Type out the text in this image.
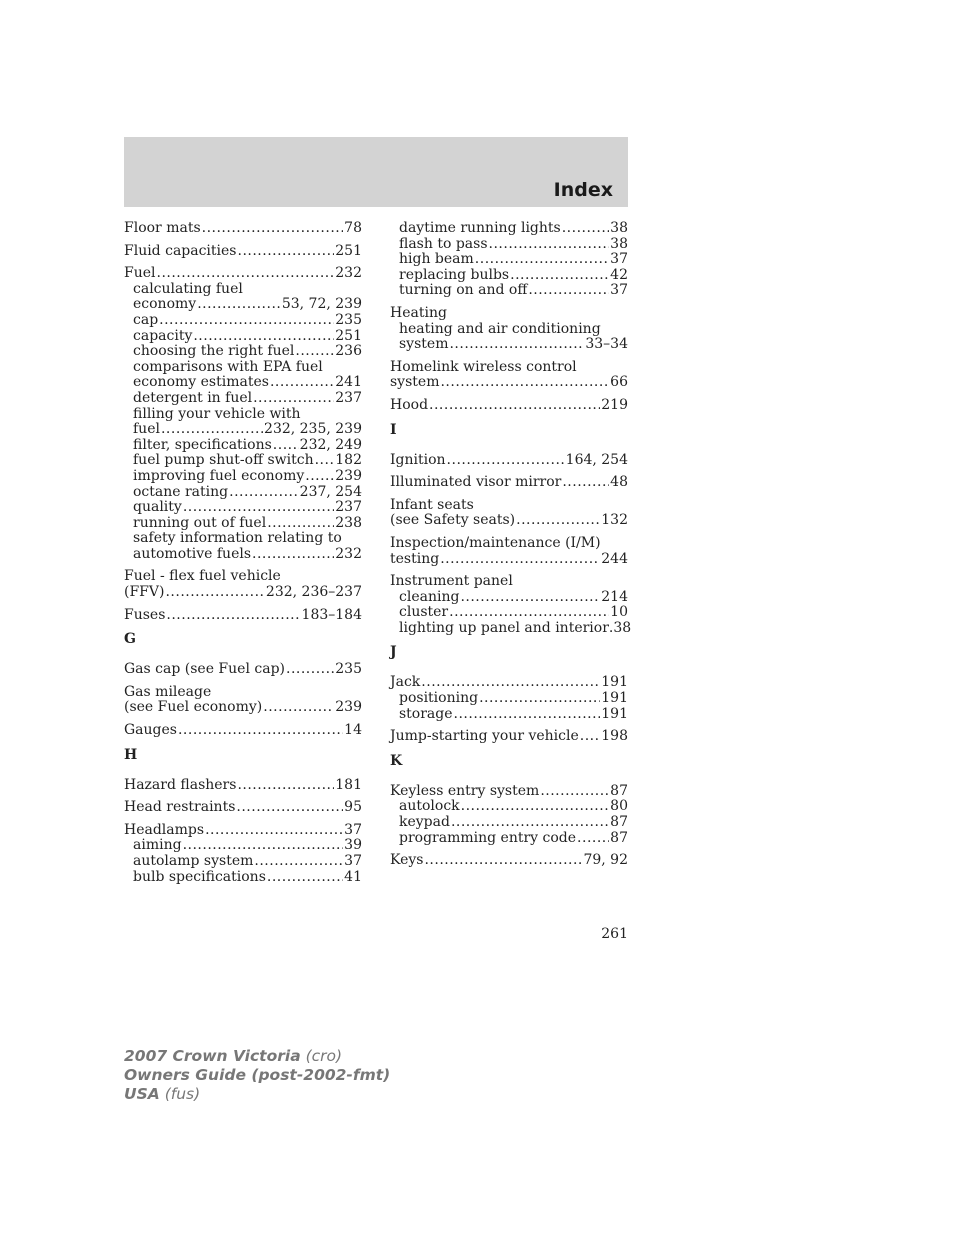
Index
Floor mats .....	78
Fluid capacities .....	251
Fuel .....	232
calculating fuel
economy .....	53, 72, 239
cap .....	235
capacity .....	251
choosing the right fuel .....	236
comparisons with EPA fuel
economy estimates .....	241
detergent in fuel .....	237
filling your vehicle with
fuel .....	232, 235, 239
filter, specifications ..... 232, 249
fuel pump shut-off switch ..... 182
improving fuel economy ..... 239
octane rating .....	237, 254
quality .....	237
running out of fuel .....	238
safety information relating to
automotive fuels .....	232
Fuel - flex fuel vehicle
(FFV) .....	232, 236–237
Fuses .....	183–184
G
Gas cap (see Fuel cap) .....	235
Gas mileage
(see Fuel economy) .....	239
Gauges .....	14
H
Hazard flashers .....	181
Head restraints .....	95
Headlamps .....	37
aiming .....	39
autolamp system .....	37
bulb specifications .....	41
daytime running lights .....	38
flash to pass .....	38
high beam .....	37
replacing bulbs .....	42
turning on and off .....	37
Heating
heating and air conditioning
system .....	33–34
Homelink wireless control
system .....	66
Hood .....	219
I
Ignition .....	164, 254
Illuminated visor mirror .....	48
Infant seats
(see Safety seats) .....	132
Inspection/maintenance (I/M)
testing .....	244
Instrument panel
cleaning .....	214
cluster .....	10
lighting up panel and interior .38
J
Jack .....	191
positioning .....	191
storage .....	191
Jump-starting your vehicle ..... 198
K
Keyless entry system .....	87
autolock .....	80
keypad .....	87
programming entry code ..... 87
Keys .....	79, 92
261
2007 Crown Victoria (cro)
Owners Guide (post-2002-fmt)
USA (fus)
